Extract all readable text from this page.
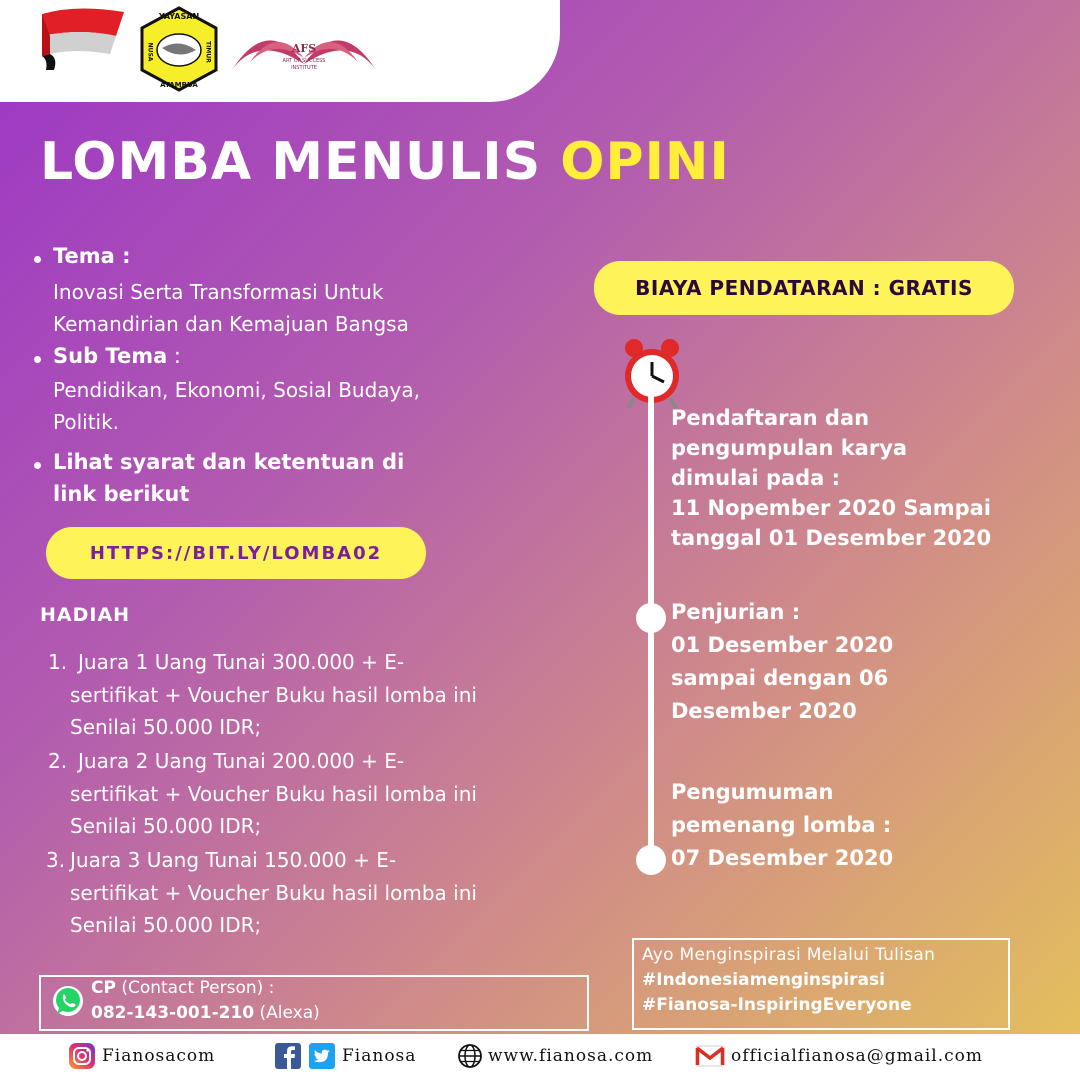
YAYASAN
ATAMBUA
NUSA	TIMUR	AFS
ART OF SUCCESS
INSTITUTE
LOMBA MENULIS OPINI
Tema :
Inovasi Serta Transformasi Untuk
Kemandirian dan Kemajuan Bangsa
Sub Tema :
Pendidikan, Ekonomi, Sosial Budaya,
Politik.
Lihat syarat dan ketentuan di
link berikut
HTTPS://BIT.LY/LOMBA02
HADIAH
1. Juara 1 Uang Tunai 300.000 + E-
sertifikat + Voucher Buku hasil lomba ini
Senilai 50.000 IDR;
2. Juara 2 Uang Tunai 200.000 + E-
sertifikat + Voucher Buku hasil lomba ini
Senilai 50.000 IDR;
3. Juara 3 Uang Tunai 150.000 + E-
sertifikat + Voucher Buku hasil lomba ini
Senilai 50.000 IDR;
BIAYA PENDATARAN : GRATIS
Pendaftaran dan
pengumpulan karya
dimulai pada :
11 Nopember 2020 Sampai
tanggal 01 Desember 2020
Penjurian :
01 Desember 2020
sampai dengan 06
Desember 2020
Pengumuman
pemenang lomba :
07 Desember 2020
CP (Contact Person) :
082-143-001-210 (Alexa)
Ayo Menginspirasi Melalui Tulisan
#Indonesiamenginspirasi
#Fianosa-InspiringEveryone
Fianosacom	Fianosa	www.fianosa.com	officialfianosa@gmail.com
